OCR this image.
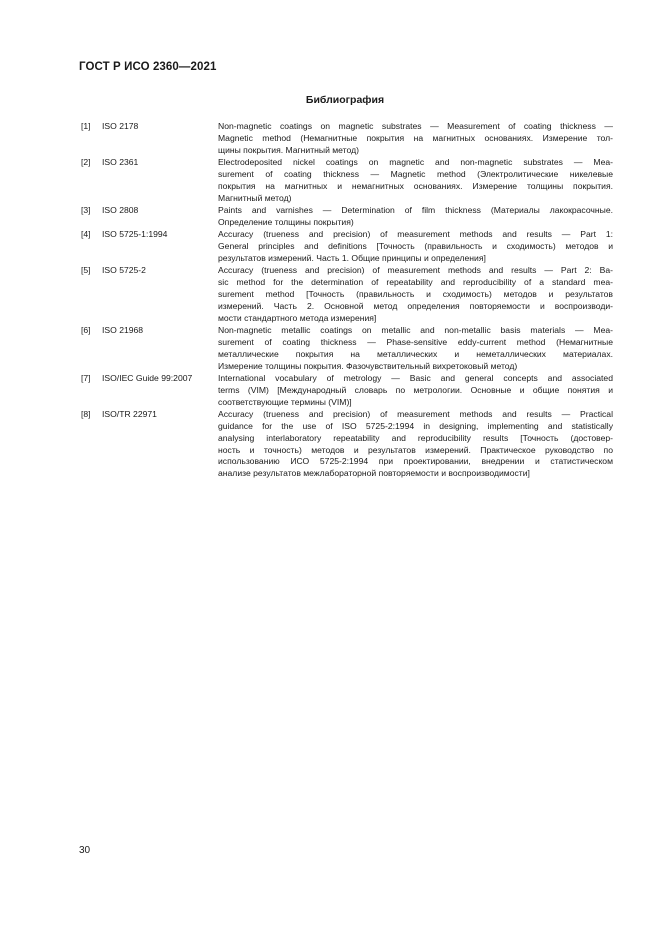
ГОСТ Р ИСО 2360—2021
Библиография
[1]	ISO 2178	Non-magnetic coatings on magnetic substrates — Measurement of coating thickness —
Magnetic method (Немагнитные покрытия на магнитных основаниях. Измерение тол-
щины покрытия. Магнитный метод)
[2]	ISO 2361	Electrodeposited nickel coatings on magnetic and non-magnetic substrates — Mea-
surement of coating thickness — Magnetic method (Электролитические никелевые
покрытия на магнитных и немагнитных основаниях. Измерение толщины покрытия.
Магнитный метод)
[3]	ISO 2808	Paints and varnishes — Determination of film thickness (Материалы лакокрасочные.
Определение толщины покрытия)
[4]	ISO 5725-1:1994	Accuracy (trueness and precision) of measurement methods and results — Part 1:
General principles and definitions [Точность (правильность и сходимость) методов и
результатов измерений. Часть 1. Общие принципы и определения]
[5]	ISO 5725-2	Accuracy (trueness and precision) of measurement methods and results — Part 2: Ba-
sic method for the determination of repeatability and reproducibility of a standard mea-
surement method [Точность (правильность и сходимость) методов и результатов
измерений. Часть 2. Основной метод определения повторяемости и воспроизводи-
мости стандартного метода измерения]
[6]	ISO 21968	Non-magnetic metallic coatings on metallic and non-metallic basis materials — Mea-
surement of coating thickness — Phase-sensitive eddy-current method (Немагнитные
металлические покрытия на металлических и неметаллических материалах.
Измерение толщины покрытия. Фазочувствительный вихретоковый метод)
[7]	ISO/IEC Guide 99:2007	International vocabulary of metrology — Basic and general concepts and associated
terms (VIM) [Международный словарь по метрологии. Основные и общие понятия и
соответствующие термины (VIM)]
[8]	ISO/TR 22971	Accuracy (trueness and precision) of measurement methods and results — Practical
guidance for the use of ISO 5725-2:1994 in designing, implementing and statistically
analysing interlaboratory repeatability and reproducibility results [Точность (достовер-
ность и точность) методов и результатов измерений. Практическое руководство по
использованию ИСО 5725-2:1994 при проектировании, внедрении и статистическом
анализе результатов межлабораторной повторяемости и воспроизводимости]
30
